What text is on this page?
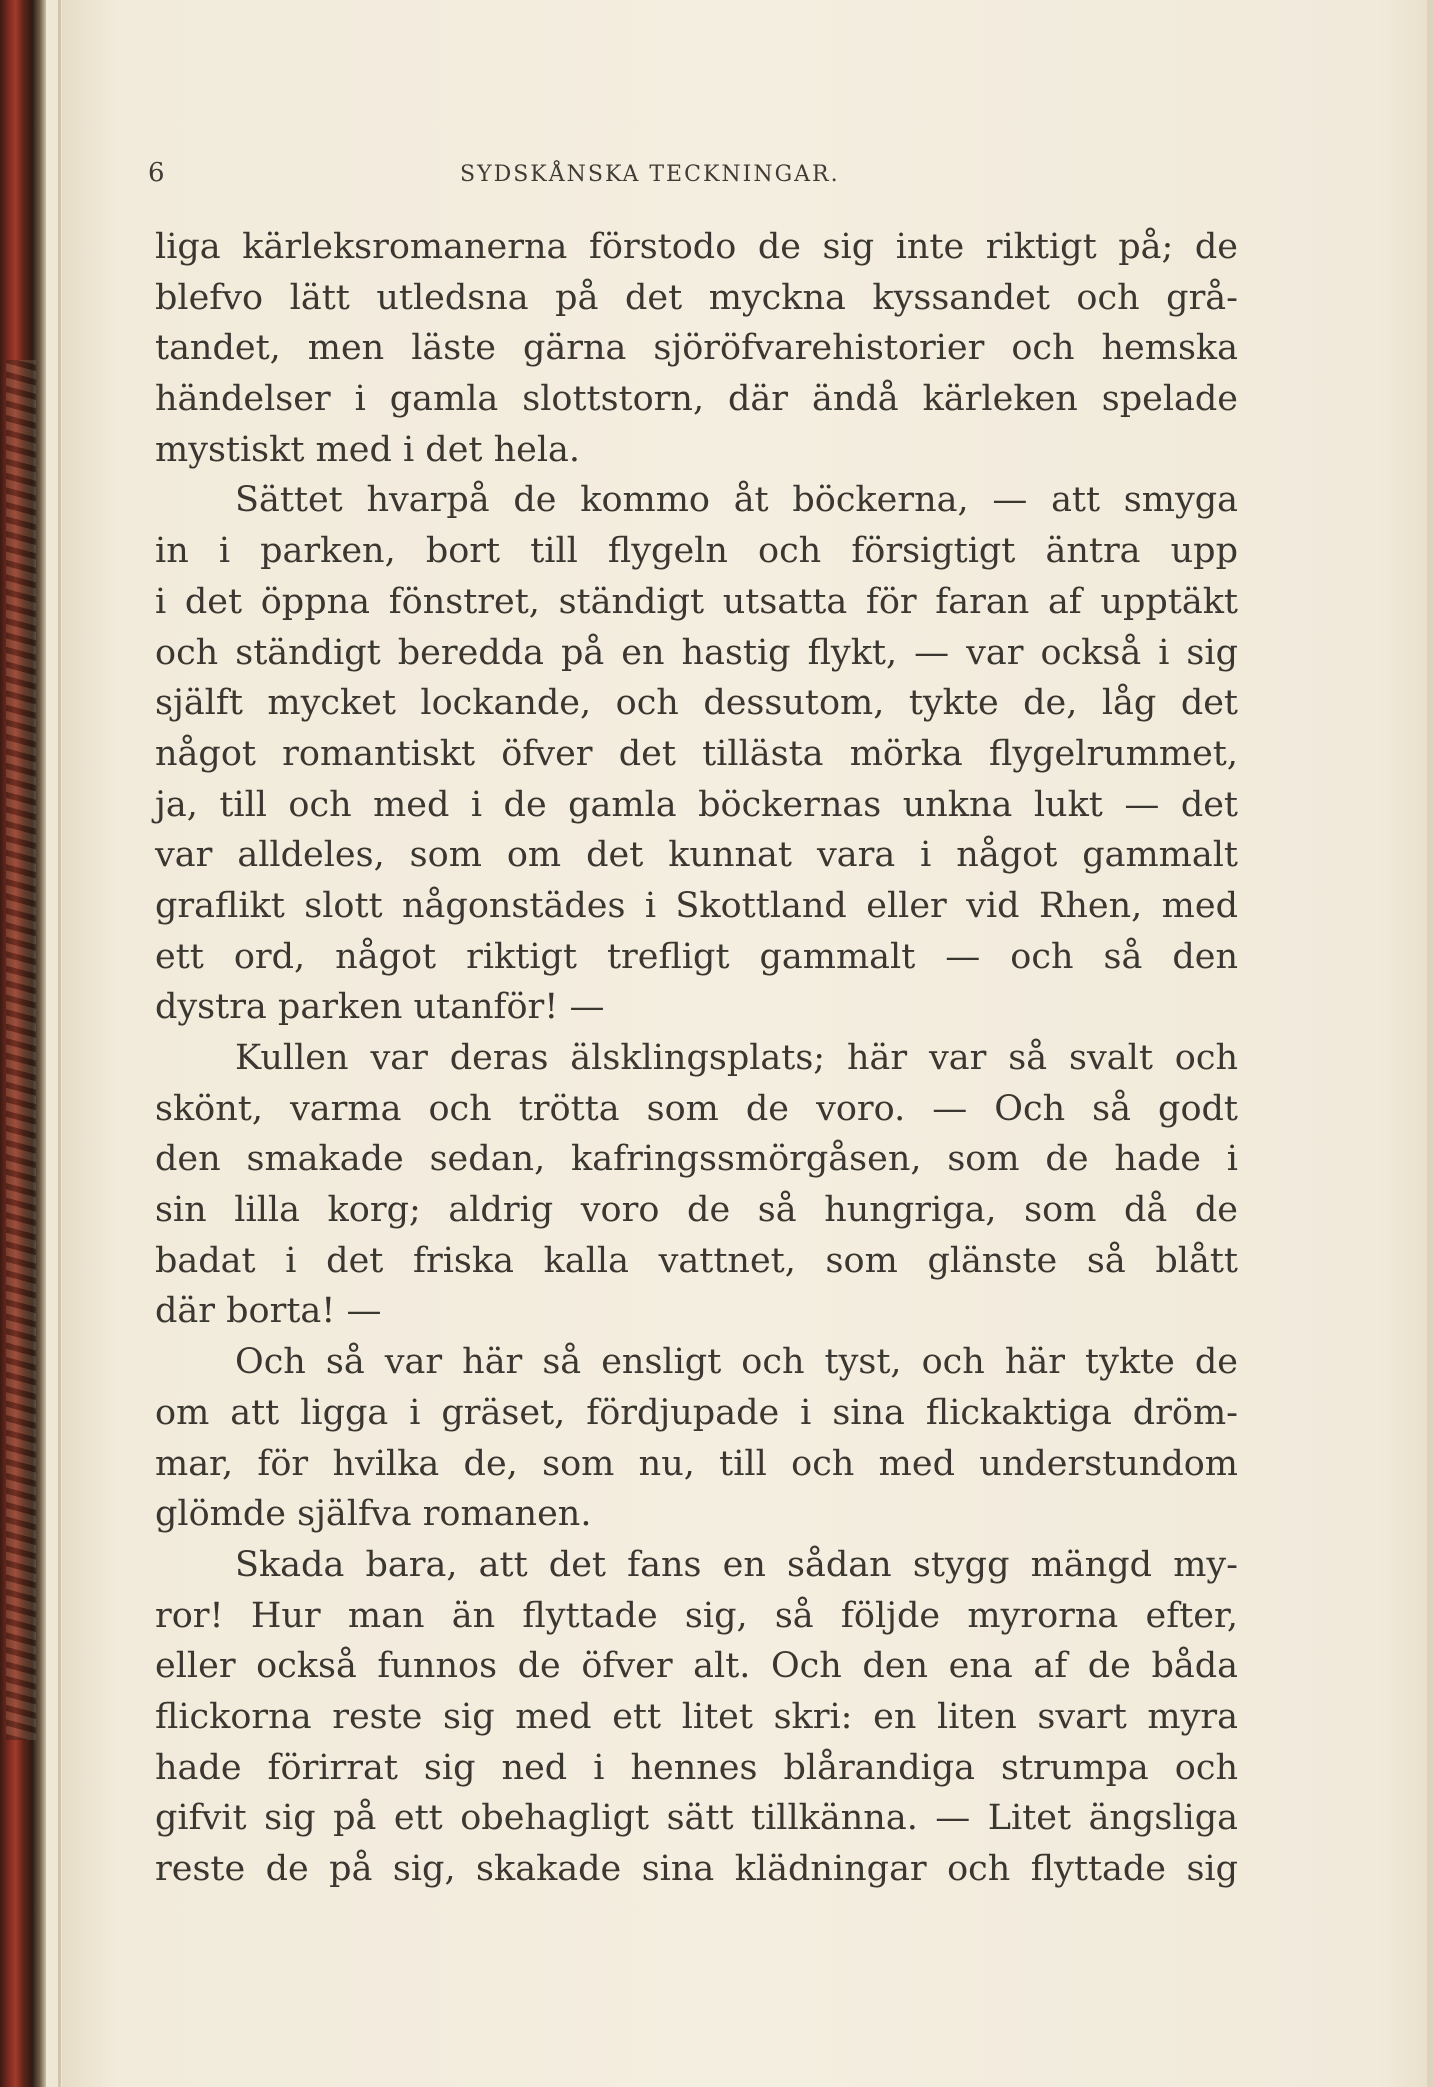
6	SYDSKÅNSKA TECKNINGAR.
liga kärleksromanerna förstodo de sig inte riktigt på; de
blefvo lätt utledsna på det myckna kyssandet och grå-
tandet, men läste gärna sjöröfvarehistorier och hemska
händelser i gamla slottstorn, där ändå kärleken spelade
mystiskt med i det hela.
Sättet hvarpå de kommo åt böckerna, — att smyga
in i parken, bort till flygeln och försigtigt äntra upp
i det öppna fönstret, ständigt utsatta för faran af upptäkt
och ständigt beredda på en hastig flykt, — var också i sig
själft mycket lockande, och dessutom, tykte de, låg det
något romantiskt öfver det tillästa mörka flygelrummet,
ja, till och med i de gamla böckernas unkna lukt — det
var alldeles, som om det kunnat vara i något gammalt
graflikt slott någonstädes i Skottland eller vid Rhen, med
ett ord, något riktigt trefligt gammalt — och så den
dystra parken utanför! —
Kullen var deras älsklingsplats; här var så svalt och
skönt, varma och trötta som de voro. — Och så godt
den smakade sedan, kafringssmörgåsen, som de hade i
sin lilla korg; aldrig voro de så hungriga, som då de
badat i det friska kalla vattnet, som glänste så blått
där borta! —
Och så var här så ensligt och tyst, och här tykte de
om att ligga i gräset, fördjupade i sina flickaktiga dröm-
mar, för hvilka de, som nu, till och med understundom
glömde själfva romanen.
Skada bara, att det fans en sådan stygg mängd my-
ror! Hur man än flyttade sig, så följde myrorna efter,
eller också funnos de öfver alt. Och den ena af de båda
flickorna reste sig med ett litet skri: en liten svart myra
hade förirrat sig ned i hennes blårandiga strumpa och
gifvit sig på ett obehagligt sätt tillkänna. — Litet ängsliga
reste de på sig, skakade sina klädningar och flyttade sig
